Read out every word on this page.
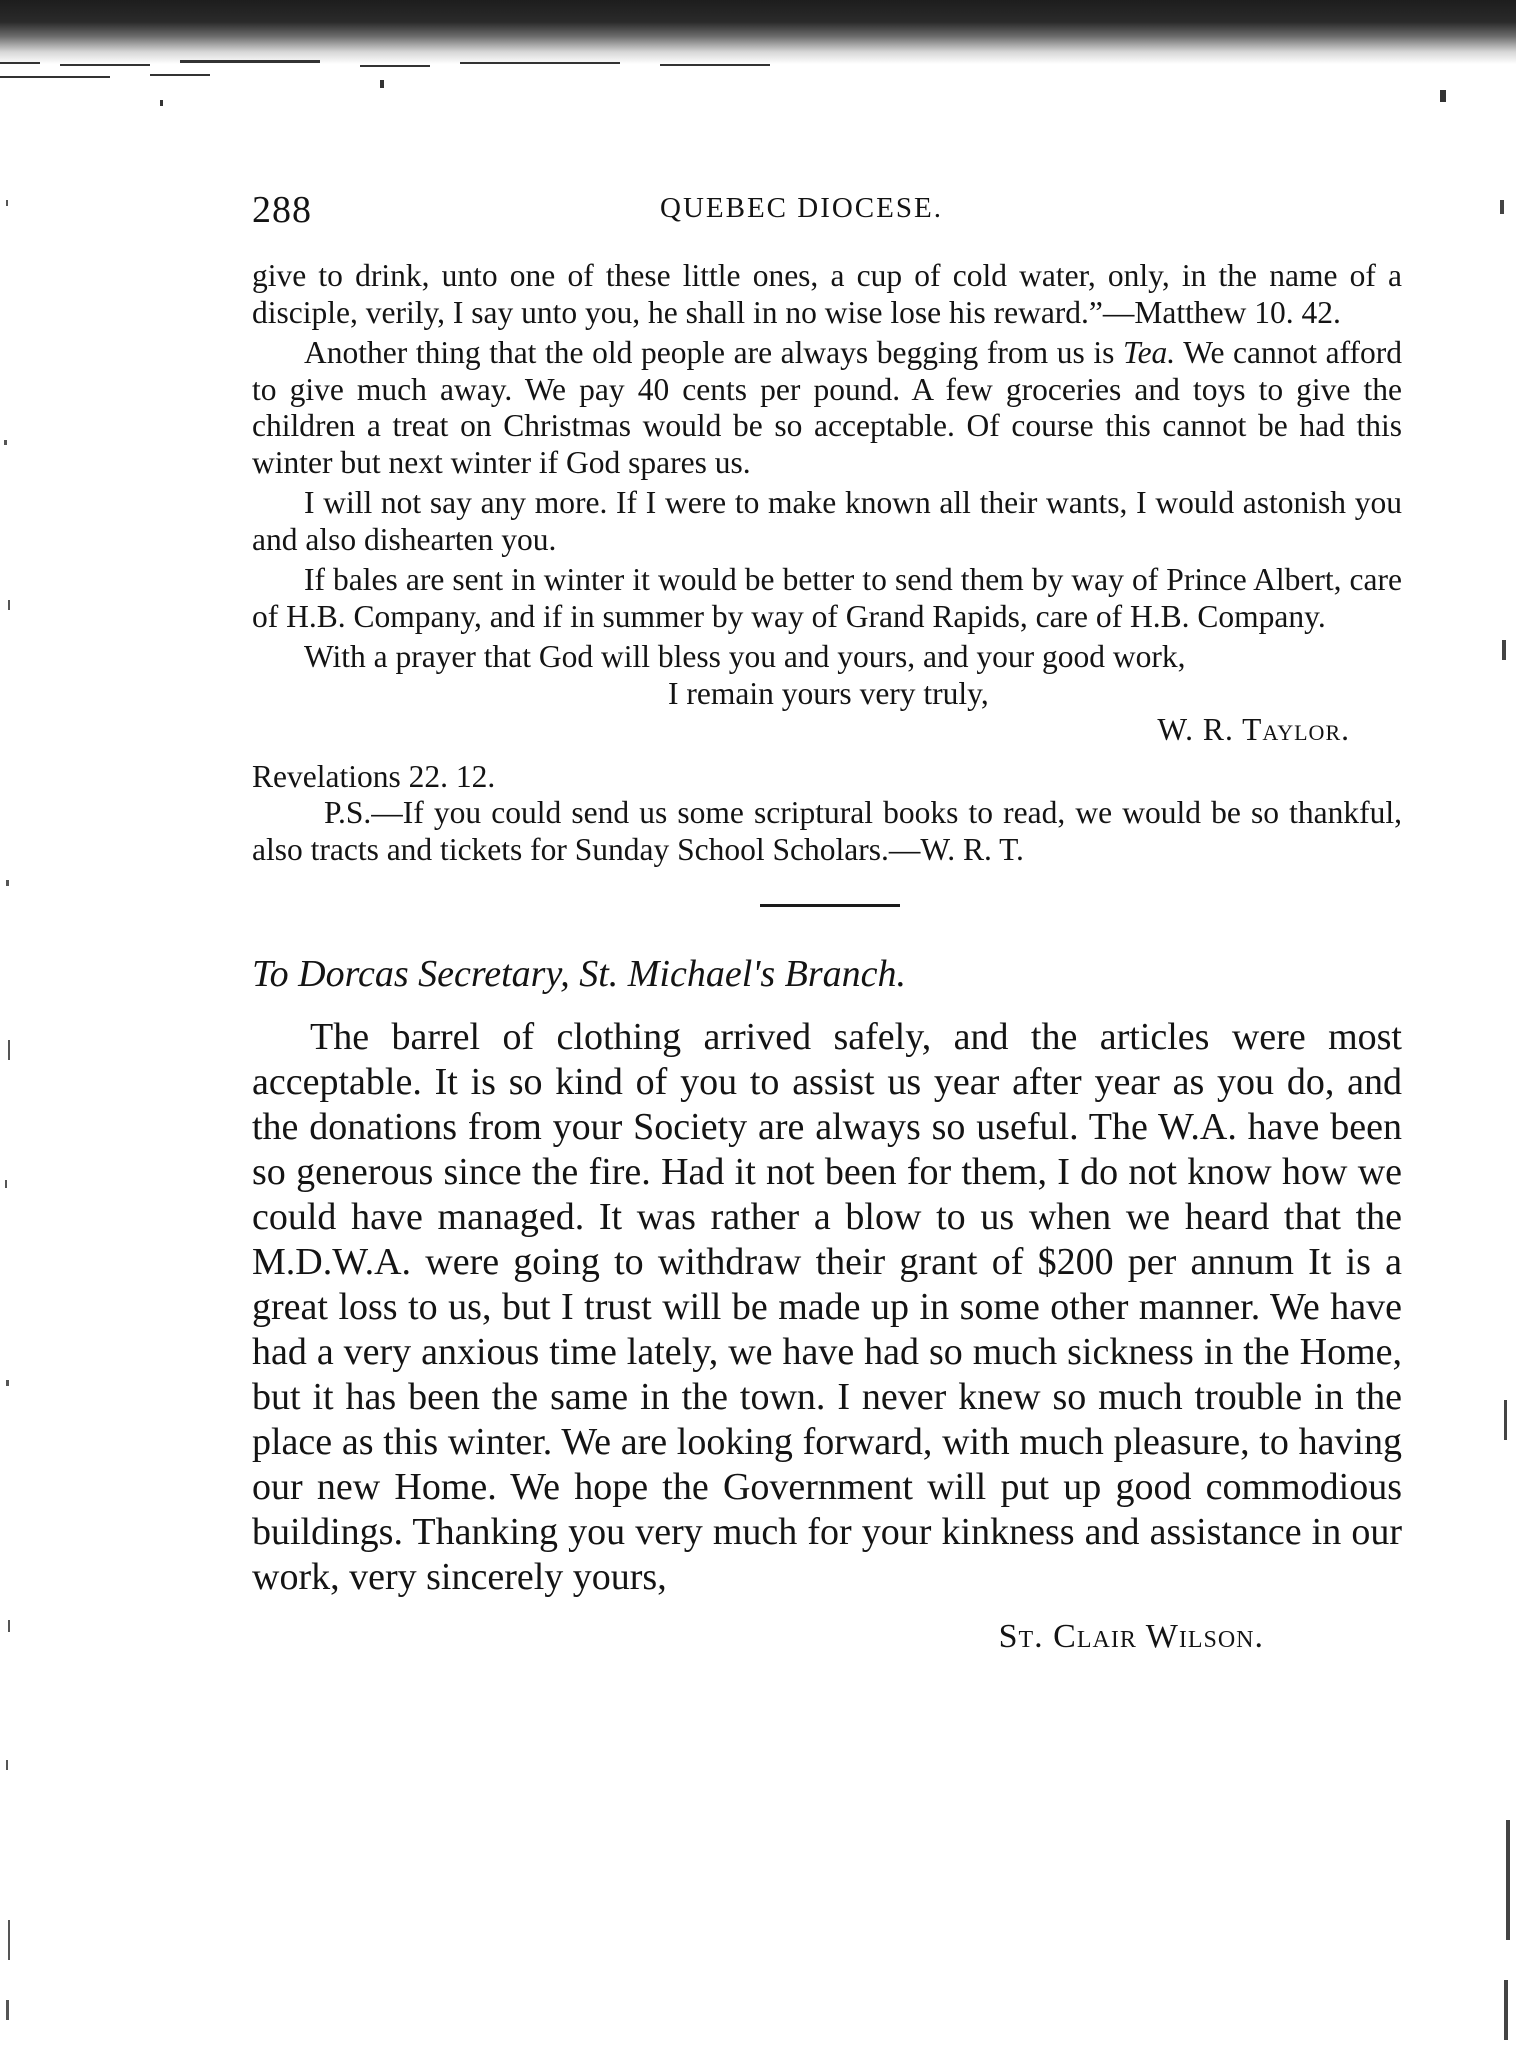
288	QUEBEC DIOCESE.

give to drink, unto one of these little ones, a cup of cold water, only, in the name of a disciple, verily, I say unto you, he shall in no wise lose his reward.”—Matthew 10. 42.

Another thing that the old people are always begging from us is Tea. We cannot afford to give much away. We pay 40 cents per pound. A few groceries and toys to give the children a treat on Christmas would be so acceptable. Of course this cannot be had this winter but next winter if God spares us.

I will not say any more. If I were to make known all their wants, I would astonish you and also dishearten you.

If bales are sent in winter it would be better to send them by way of Prince Albert, care of H.B. Company, and if in summer by way of Grand Rapids, care of H.B. Company.

With a prayer that God will bless you and yours, and your good work,

I remain yours very truly,

W. R. Taylor.

Revelations 22. 12.

P.S.—If you could send us some scriptural books to read, we would be so thankful, also tracts and tickets for Sunday School Scholars.—W. R. T.

To Dorcas Secretary, St. Michael's Branch.

The barrel of clothing arrived safely, and the articles were most acceptable. It is so kind of you to assist us year after year as you do, and the donations from your Society are always so useful. The W.A. have been so generous since the fire. Had it not been for them, I do not know how we could have managed. It was rather a blow to us when we heard that the M.D.W.A. were going to withdraw their grant of $200 per annum It is a great loss to us, but I trust will be made up in some other manner. We have had a very anxious time lately, we have had so much sickness in the Home, but it has been the same in the town. I never knew so much trouble in the place as this winter. We are looking forward, with much pleasure, to having our new Home. We hope the Government will put up good commodious buildings. Thanking you very much for your kinkness and assistance in our work, very sincerely yours,

St. Clair Wilson.
